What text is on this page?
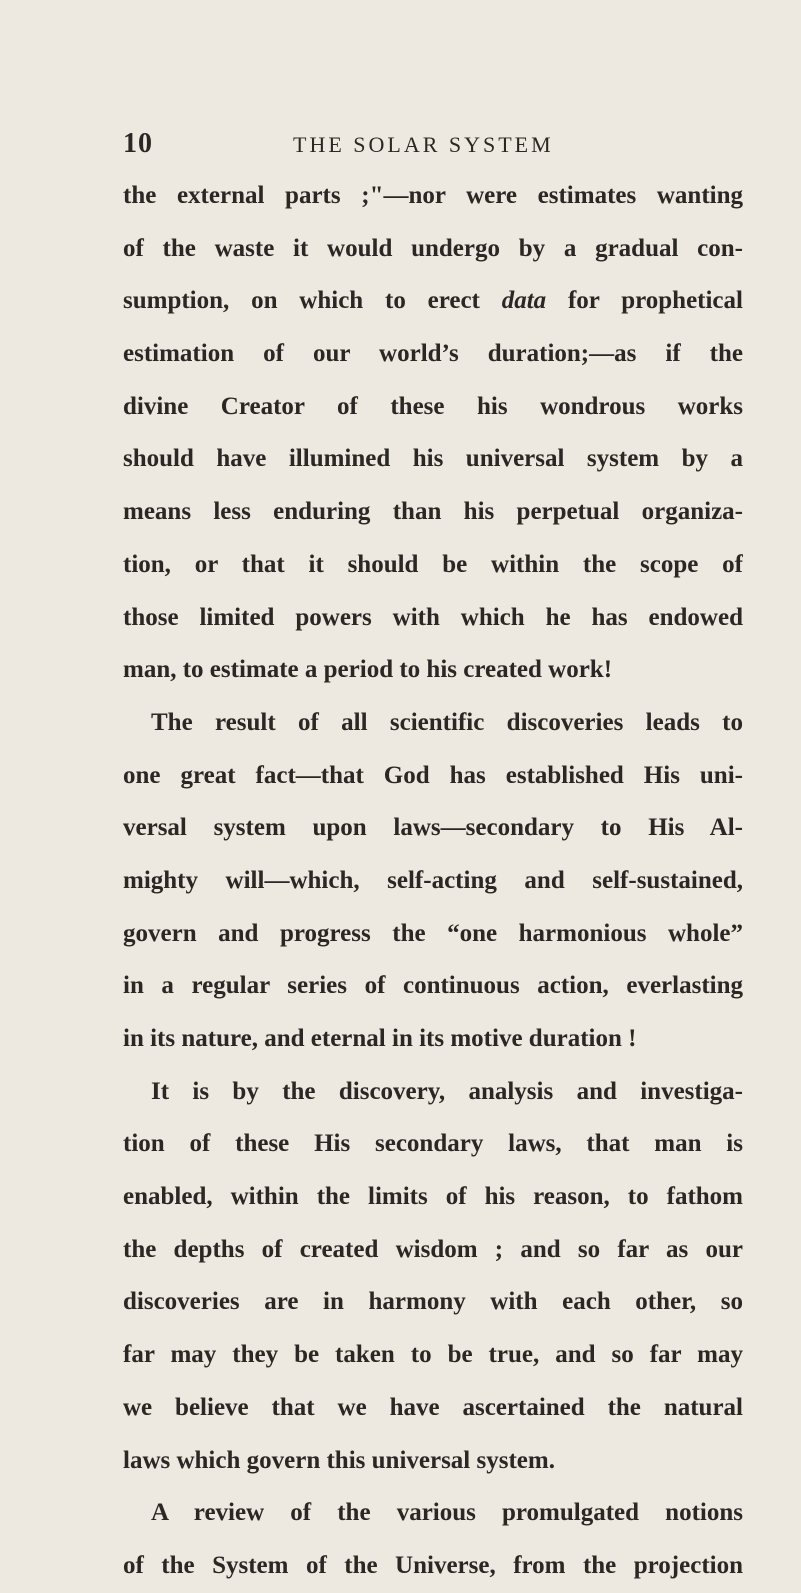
10	THE SOLAR SYSTEM
the external parts ;"—nor were estimates wanting
of the waste it would undergo by a gradual con-
sumption, on which to erect data for prophetical
estimation of our world’s duration;—as if the
divine Creator of these his wondrous works
should have illumined his universal system by a
means less enduring than his perpetual organiza-
tion, or that it should be within the scope of
those limited powers with which he has endowed
man, to estimate a period to his created work!
The result of all scientific discoveries leads to
one great fact—that God has established His uni-
versal system upon laws—secondary to His Al-
mighty will—which, self-acting and self-sustained,
govern and progress the “one harmonious whole”
in a regular series of continuous action, everlasting
in its nature, and eternal in its motive duration !
It is by the discovery, analysis and investiga-
tion of these His secondary laws, that man is
enabled, within the limits of his reason, to fathom
the depths of created wisdom ; and so far as our
discoveries are in harmony with each other, so
far may they be taken to be true, and so far may
we believe that we have ascertained the natural
laws which govern this universal system.
A review of the various promulgated notions
of the System of the Universe, from the projection
